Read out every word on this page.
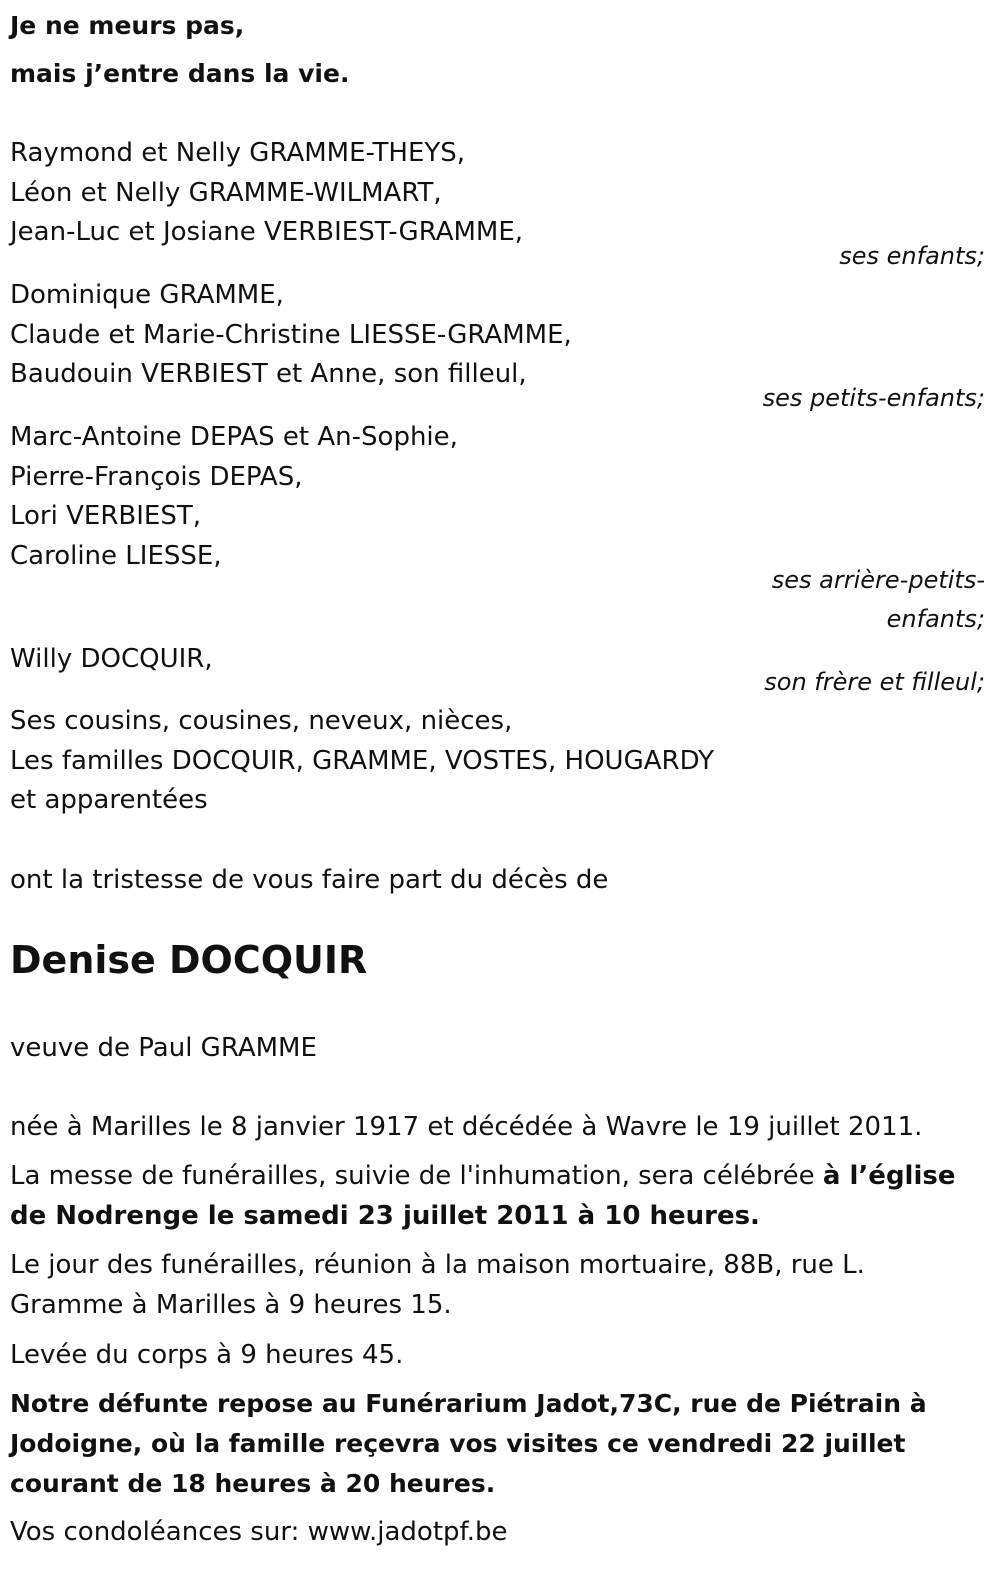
Je ne meurs pas,
mais j’entre dans la vie.
Raymond et Nelly GRAMME-THEYS,
Léon et Nelly GRAMME-WILMART,
Jean-Luc et Josiane VERBIEST-GRAMME,
ses enfants;
Dominique GRAMME,
Claude et Marie-Christine LIESSE-GRAMME,
Baudouin VERBIEST et Anne, son filleul,
ses petits-enfants;
Marc-Antoine DEPAS et An-Sophie,
Pierre-François DEPAS,
Lori VERBIEST,
Caroline LIESSE,
ses arrière-petits-
enfants;
Willy DOCQUIR,
son frère et filleul;
Ses cousins, cousines, neveux, nièces,
Les familles DOCQUIR, GRAMME, VOSTES, HOUGARDY
et apparentées
ont la tristesse de vous faire part du décès de
Denise DOCQUIR
veuve de Paul GRAMME
née à Marilles le 8 janvier 1917 et décédée à Wavre le 19 juillet 2011.
La messe de funérailles, suivie de l'inhumation, sera célébrée à l’église de Nodrenge le samedi 23 juillet 2011 à 10 heures.
Le jour des funérailles, réunion à la maison mortuaire, 88B, rue L. Gramme à Marilles à 9 heures 15.
Levée du corps à 9 heures 45.
Notre défunte repose au Funérarium Jadot,73C, rue de Piétrain à Jodoigne, où la famille reçevra vos visites ce vendredi 22 juillet courant de 18 heures à 20 heures.
Vos condoléances sur: www.jadotpf.be
